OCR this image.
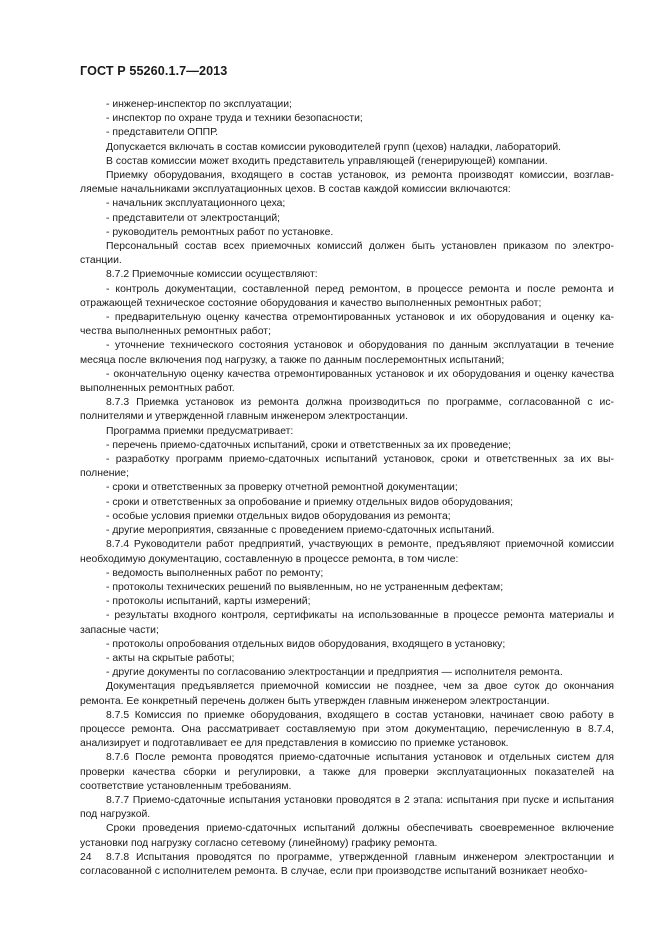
ГОСТ Р 55260.1.7—2013

- инженер-инспектор по эксплуатации;

- инспектор по охране труда и техники безопасности;

- представители ОППР.

Допускается включать в состав комиссии руководителей групп (цехов) наладки, лабораторий.

В состав комиссии может входить представитель управляющей (генерирующей) компании.

Приемку оборудования, входящего в состав установок, из ремонта производят комиссии, возглавляемые начальниками эксплуатационных цехов. В состав каждой комиссии включаются:

- начальник эксплуатационного цеха;

- представители от электростанций;

- руководитель ремонтных работ по установке.

Персональный состав всех приемочных комиссий должен быть установлен приказом по электростанции.

8.7.2 Приемочные комиссии осуществляют:

- контроль документации, составленной перед ремонтом, в процессе ремонта и после ремонта и отражающей техническое состояние оборудования и качество выполненных ремонтных работ;

- предварительную оценку качества отремонтированных установок и их оборудования и оценку качества выполненных ремонтных работ;

- уточнение технического состояния установок и оборудования по данным эксплуатации в течение месяца после включения под нагрузку, а также по данным послеремонтных испытаний;

- окончательную оценку качества отремонтированных установок и их оборудования и оценку качества выполненных ремонтных работ.

8.7.3 Приемка установок из ремонта должна производиться по программе, согласованной с исполнителями и утвержденной главным инженером электростанции.

Программа приемки предусматривает:

- перечень приемо-сдаточных испытаний, сроки и ответственных за их проведение;

- разработку программ приемо-сдаточных испытаний установок, сроки и ответственных за их выполнение;

- сроки и ответственных за проверку отчетной ремонтной документации;

- сроки и ответственных за опробование и приемку отдельных видов оборудования;

- особые условия приемки отдельных видов оборудования из ремонта;

- другие мероприятия, связанные с проведением приемо-сдаточных испытаний.

8.7.4 Руководители работ предприятий, участвующих в ремонте, предъявляют приемочной комиссии необходимую документацию, составленную в процессе ремонта, в том числе:

- ведомость выполненных работ по ремонту;

- протоколы технических решений по выявленным, но не устраненным дефектам;

- протоколы испытаний, карты измерений;

- результаты входного контроля, сертификаты на использованные в процессе ремонта материалы и запасные части;

- протоколы опробования отдельных видов оборудования, входящего в установку;

- акты на скрытые работы;

- другие документы по согласованию электростанции и предприятия — исполнителя ремонта.

Документация предъявляется приемочной комиссии не позднее, чем за двое суток до окончания ремонта. Ее конкретный перечень должен быть утвержден главным инженером электростанции.

8.7.5 Комиссия по приемке оборудования, входящего в состав установки, начинает свою работу в процессе ремонта. Она рассматривает составляемую при этом документацию, перечисленную в 8.7.4, анализирует и подготавливает ее для представления в комиссию по приемке установок.

8.7.6 После ремонта проводятся приемо-сдаточные испытания установок и отдельных систем для проверки качества сборки и регулировки, а также для проверки эксплуатационных показателей на соответствие установленным требованиям.

8.7.7 Приемо-сдаточные испытания установки проводятся в 2 этапа: испытания при пуске и испытания под нагрузкой.

Сроки проведения приемо-сдаточных испытаний должны обеспечивать своевременное включение установки под нагрузку согласно сетевому (линейному) графику ремонта.

8.7.8 Испытания проводятся по программе, утвержденной главным инженером электростанции и согласованной с исполнителем ремонта. В случае, если при производстве испытаний возникает необхо-

24
